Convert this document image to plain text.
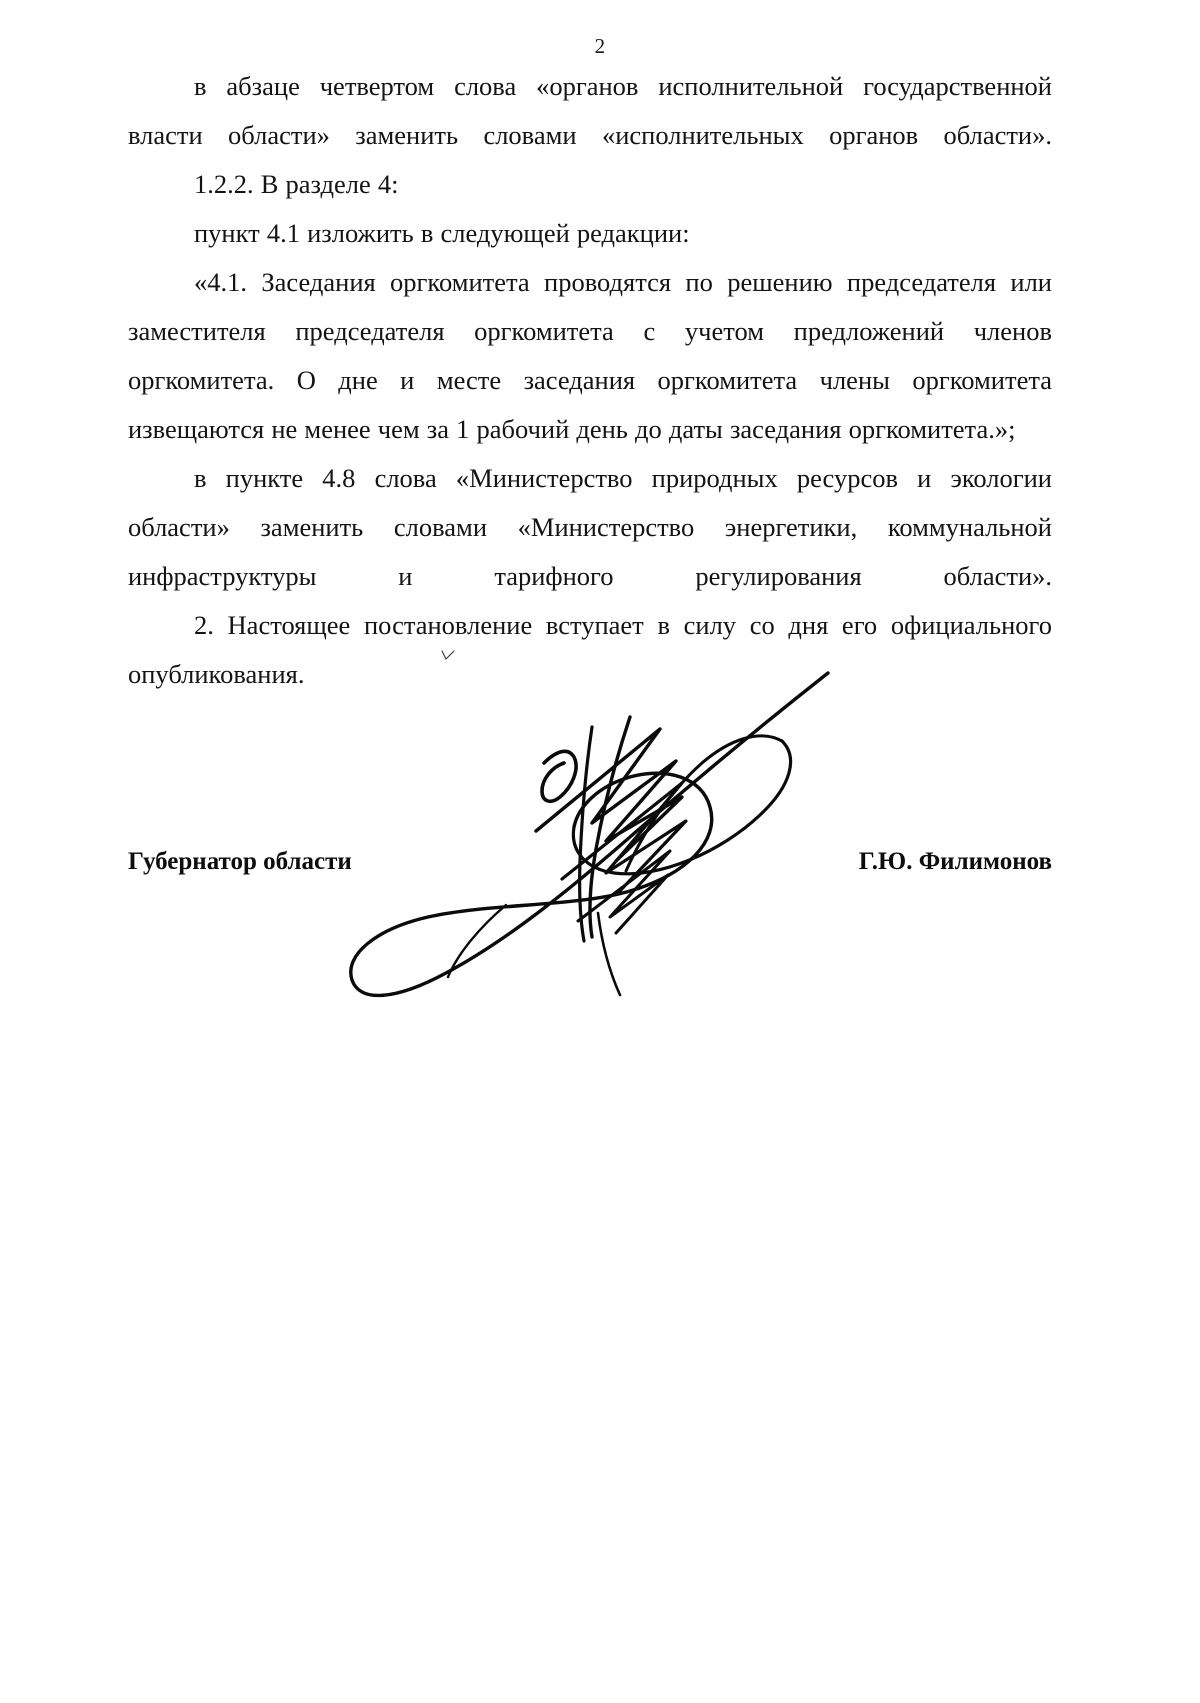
2

в абзаце четвертом слова «органов исполнительной государственной власти области» заменить словами «исполнительных органов области».

1.2.2. В разделе 4:

пункт 4.1 изложить в следующей редакции:

«4.1. Заседания оргкомитета проводятся по решению председателя или заместителя председателя оргкомитета с учетом предложений членов оргкомитета. О дне и месте заседания оргкомитета члены оргкомитета извещаются не менее чем за 1 рабочий день до даты заседания оргкомитета.»;

в пункте 4.8 слова «Министерство природных ресурсов и экологии области» заменить словами «Министерство энергетики, коммунальной инфраструктуры и тарифного регулирования области».

2. Настоящее постановление вступает в силу со дня его официального опубликования.

Губернатор области	Г.Ю. Филимонов
